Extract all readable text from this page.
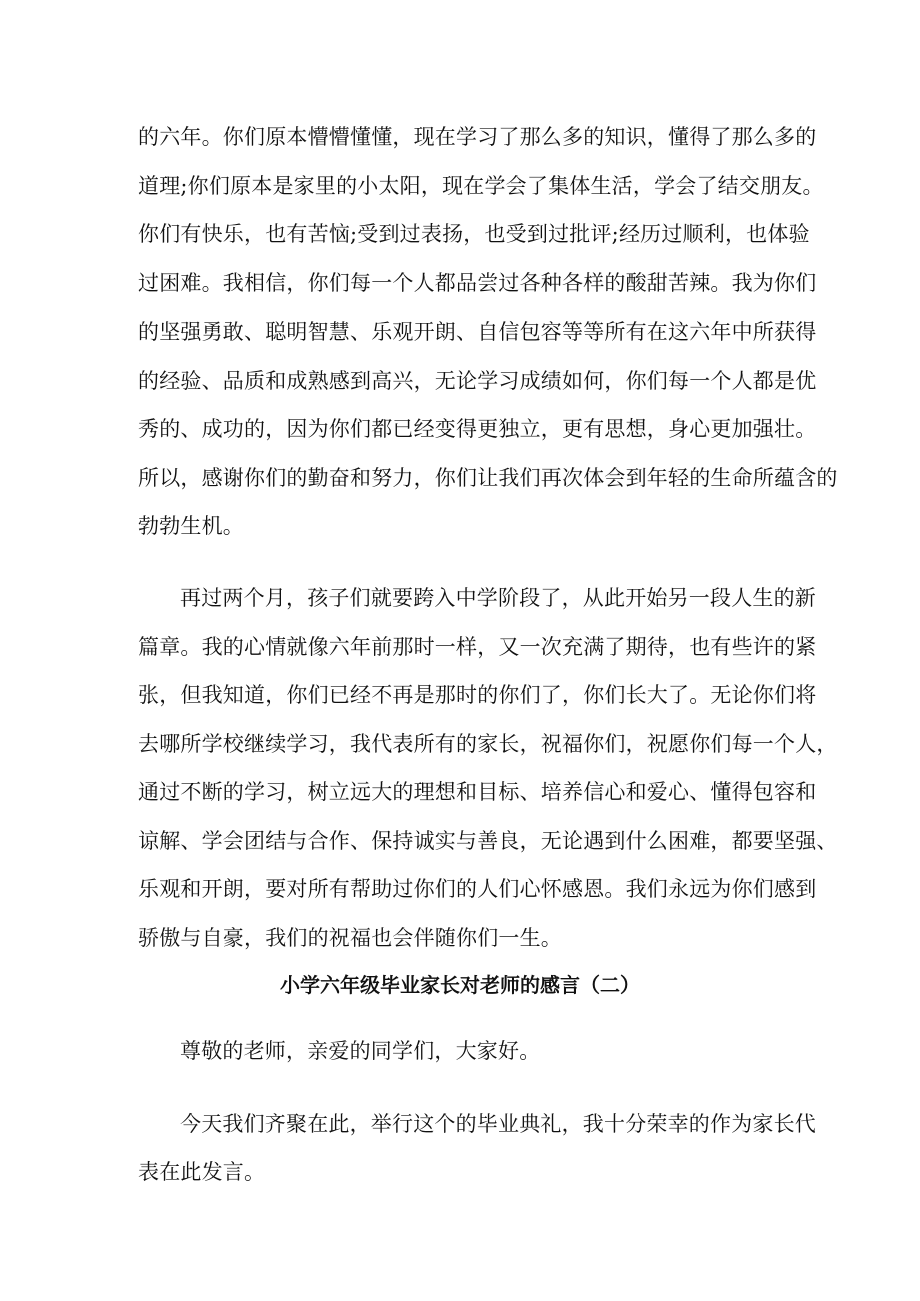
的六年。你们原本懵懵懂懂，现在学习了那么多的知识，懂得了那么多的
道理;你们原本是家里的小太阳，现在学会了集体生活，学会了结交朋友。
你们有快乐，也有苦恼;受到过表扬，也受到过批评;经历过顺利，也体验
过困难。我相信，你们每一个人都品尝过各种各样的酸甜苦辣。我为你们
的坚强勇敢、聪明智慧、乐观开朗、自信包容等等所有在这六年中所获得
的经验、品质和成熟感到高兴，无论学习成绩如何，你们每一个人都是优
秀的、成功的，因为你们都已经变得更独立，更有思想，身心更加强壮。
所以，感谢你们的勤奋和努力，你们让我们再次体会到年轻的生命所蕴含的
勃勃生机。
再过两个月，孩子们就要跨入中学阶段了，从此开始另一段人生的新
篇章。我的心情就像六年前那时一样，又一次充满了期待，也有些许的紧
张，但我知道，你们已经不再是那时的你们了，你们长大了。无论你们将
去哪所学校继续学习，我代表所有的家长，祝福你们，祝愿你们每一个人，
通过不断的学习，树立远大的理想和目标、培养信心和爱心、懂得包容和
谅解、学会团结与合作、保持诚实与善良，无论遇到什么困难，都要坚强、
乐观和开朗，要对所有帮助过你们的人们心怀感恩。我们永远为你们感到
骄傲与自豪，我们的祝福也会伴随你们一生。
小学六年级毕业家长对老师的感言（二）
尊敬的老师，亲爱的同学们，大家好。
今天我们齐聚在此，举行这个的毕业典礼，我十分荣幸的作为家长代
表在此发言。
